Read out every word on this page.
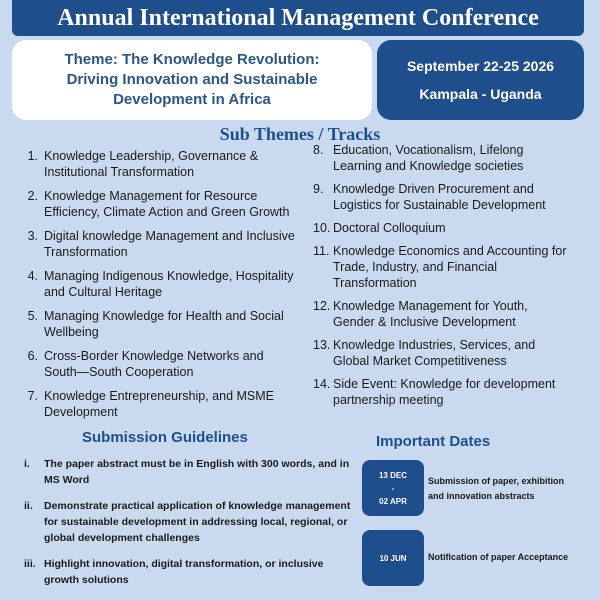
Annual International Management Conference
Theme: The Knowledge Revolution:
Driving Innovation and Sustainable
Development in Africa
September 22-25 2026
Kampala - Uganda
Sub Themes / Tracks
1. Knowledge Leadership, Governance &
Institutional Transformation
2. Knowledge Management for Resource
Efficiency, Climate Action and Green Growth
3. Digital knowledge Management and Inclusive
Transformation
4. Managing Indigenous Knowledge, Hospitality
and Cultural Heritage
5. Managing Knowledge for Health and Social
Wellbeing
6. Cross-Border Knowledge Networks and
South—South Cooperation
7. Knowledge Entrepreneurship, and MSME
Development
8. Education, Vocationalism, Lifelong
Learning and Knowledge societies
9. Knowledge Driven Procurement and
Logistics for Sustainable Development
10. Doctoral Colloquium
11. Knowledge Economics and Accounting for
Trade, Industry, and Financial
Transformation
12. Knowledge Management for Youth,
Gender & Inclusive Development
13. Knowledge Industries, Services, and
Global Market Competitiveness
14. Side Event: Knowledge for development
partnership meeting
Submission Guidelines
i.	The paper abstract must be in English with 300 words, and in
MS Word
ii.	Demonstrate practical application of knowledge management
for sustainable development in addressing local, regional, or
global development challenges
iii. Highlight innovation, digital transformation, or inclusive
growth solutions
Important Dates
13 DEC
-
02 APR
Submission of paper, exhibition
and innovation abstracts
10 JUN Notification of paper Acceptance
